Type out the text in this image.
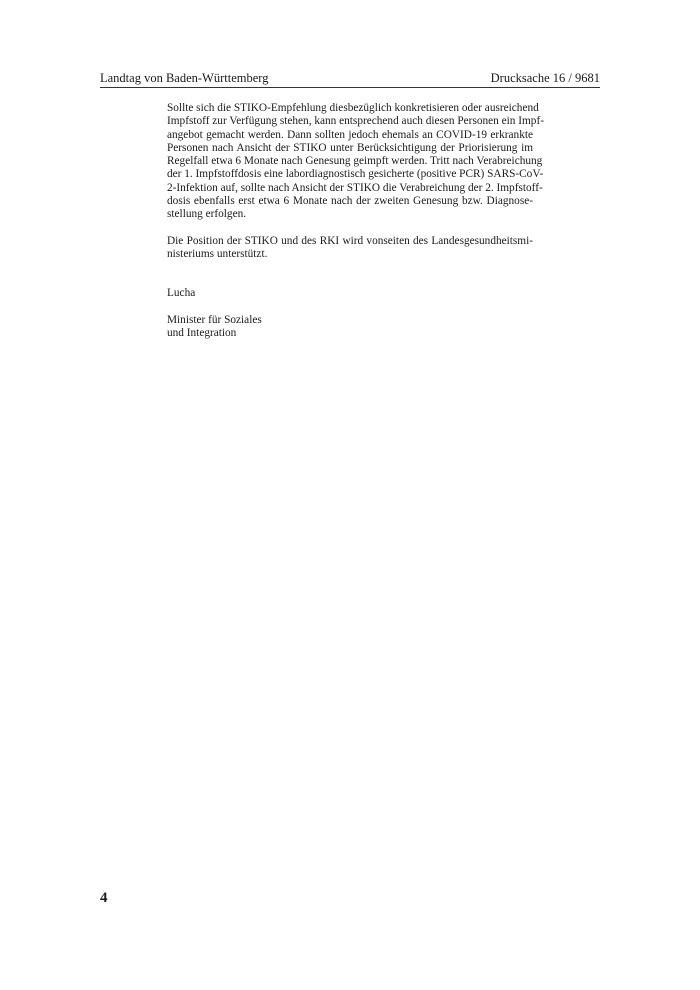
Landtag von Baden-Württemberg	Drucksache 16 / 9681

Sollte sich die STIKO-Empfehlung diesbezüglich konkretisieren oder ausreichend
Impfstoff zur Verfügung stehen, kann entsprechend auch diesen Personen ein Impf-
angebot gemacht werden. Dann sollten jedoch ehemals an COVID-19 erkrankte
Personen nach Ansicht der STIKO unter Berücksichtigung der Priorisierung im
Regelfall etwa 6 Monate nach Genesung geimpft werden. Tritt nach Verabreichung
der 1. Impfstoffdosis eine labordiagnostisch gesicherte (positive PCR) SARS-CoV-
2-Infektion auf, sollte nach Ansicht der STIKO die Verabreichung der 2. Impfstoff-
dosis ebenfalls erst etwa 6 Monate nach der zweiten Genesung bzw. Diagnose-
stellung erfolgen.

Die Position der STIKO und des RKI wird vonseiten des Landesgesundheitsmi-
nisteriums unterstützt.

Lucha

Minister für Soziales
und Integration

4
